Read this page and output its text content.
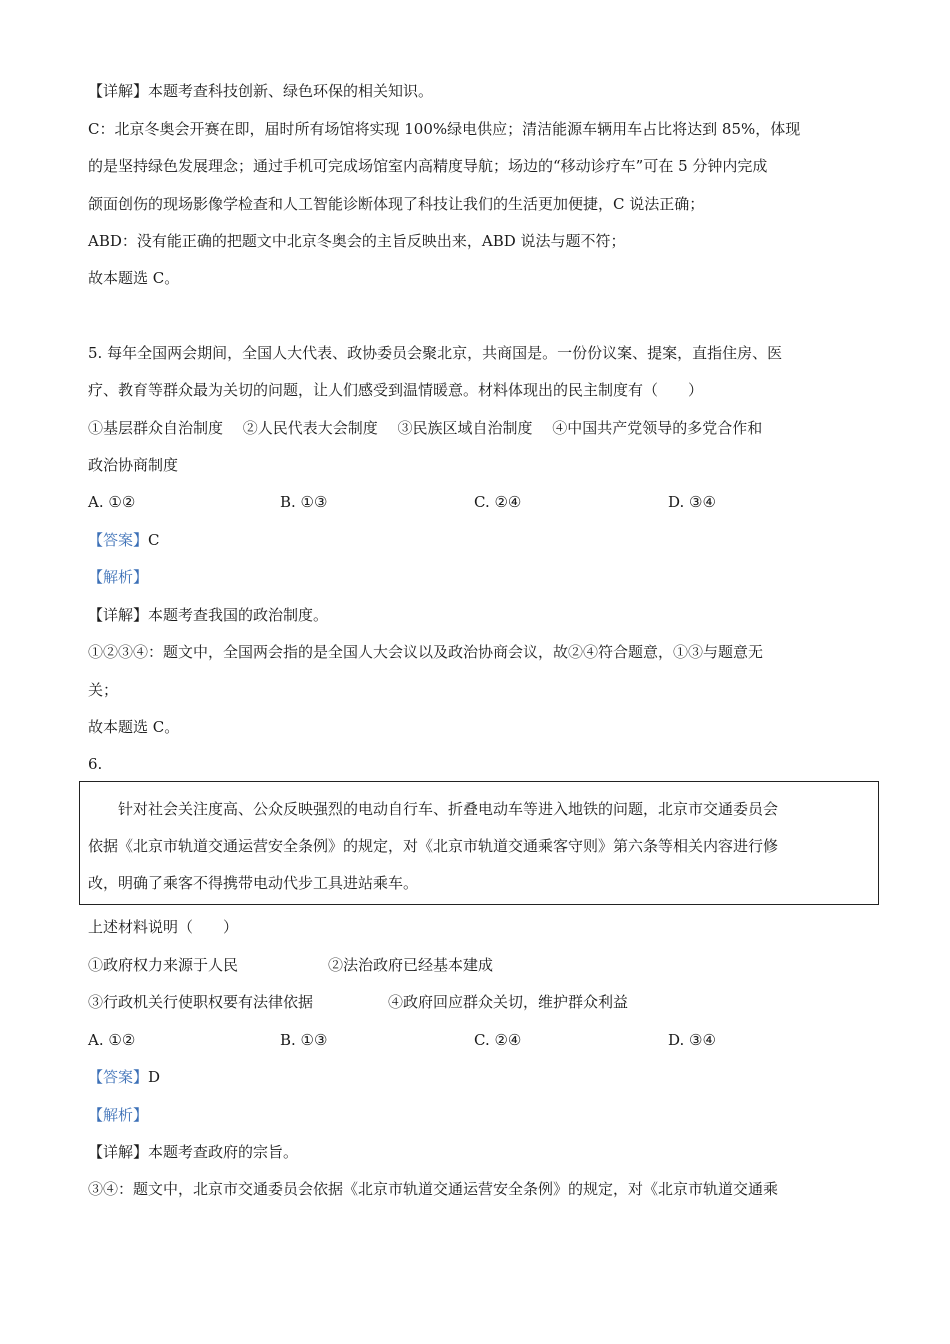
【详解】本题考查科技创新、绿色环保的相关知识。
C：北京冬奥会开赛在即，届时所有场馆将实现 100%绿电供应；清洁能源车辆用车占比将达到 85%，体现
的是坚持绿色发展理念；通过手机可完成场馆室内高精度导航；场边的“移动诊疗车”可在 5 分钟内完成
颌面创伤的现场影像学检查和人工智能诊断体现了科技让我们的生活更加便捷，C 说法正确；
ABD：没有能正确的把题文中北京冬奥会的主旨反映出来，ABD 说法与题不符；
故本题选 C。
5. 每年全国两会期间，全国人大代表、政协委员会聚北京，共商国是。一份份议案、提案，直指住房、医
疗、教育等群众最为关切的问题，让人们感受到温情暖意。材料体现出的民主制度有（　　）
①基层群众自治制度　 ②人民代表大会制度　 ③民族区域自治制度　 ④中国共产党领导的多党合作和
政治协商制度
A. ①②	B. ①③	C. ②④	D. ③④
【答案】C
【解析】
【详解】本题考查我国的政治制度。
①②③④：题文中，全国两会指的是全国人大会议以及政治协商会议，故②④符合题意，①③与题意无
关；
故本题选 C。
6.
针对社会关注度高、公众反映强烈的电动自行车、折叠电动车等进入地铁的问题，北京市交通委员会
依据《北京市轨道交通运营安全条例》的规定，对《北京市轨道交通乘客守则》第六条等相关内容进行修
改，明确了乘客不得携带电动代步工具进站乘车。
上述材料说明（　　）
①政府权力来源于人民	②法治政府已经基本建成
③行政机关行使职权要有法律依据	④政府回应群众关切，维护群众利益
A. ①②	B. ①③	C. ②④	D. ③④
【答案】D
【解析】
【详解】本题考查政府的宗旨。
③④：题文中，北京市交通委员会依据《北京市轨道交通运营安全条例》的规定，对《北京市轨道交通乘
